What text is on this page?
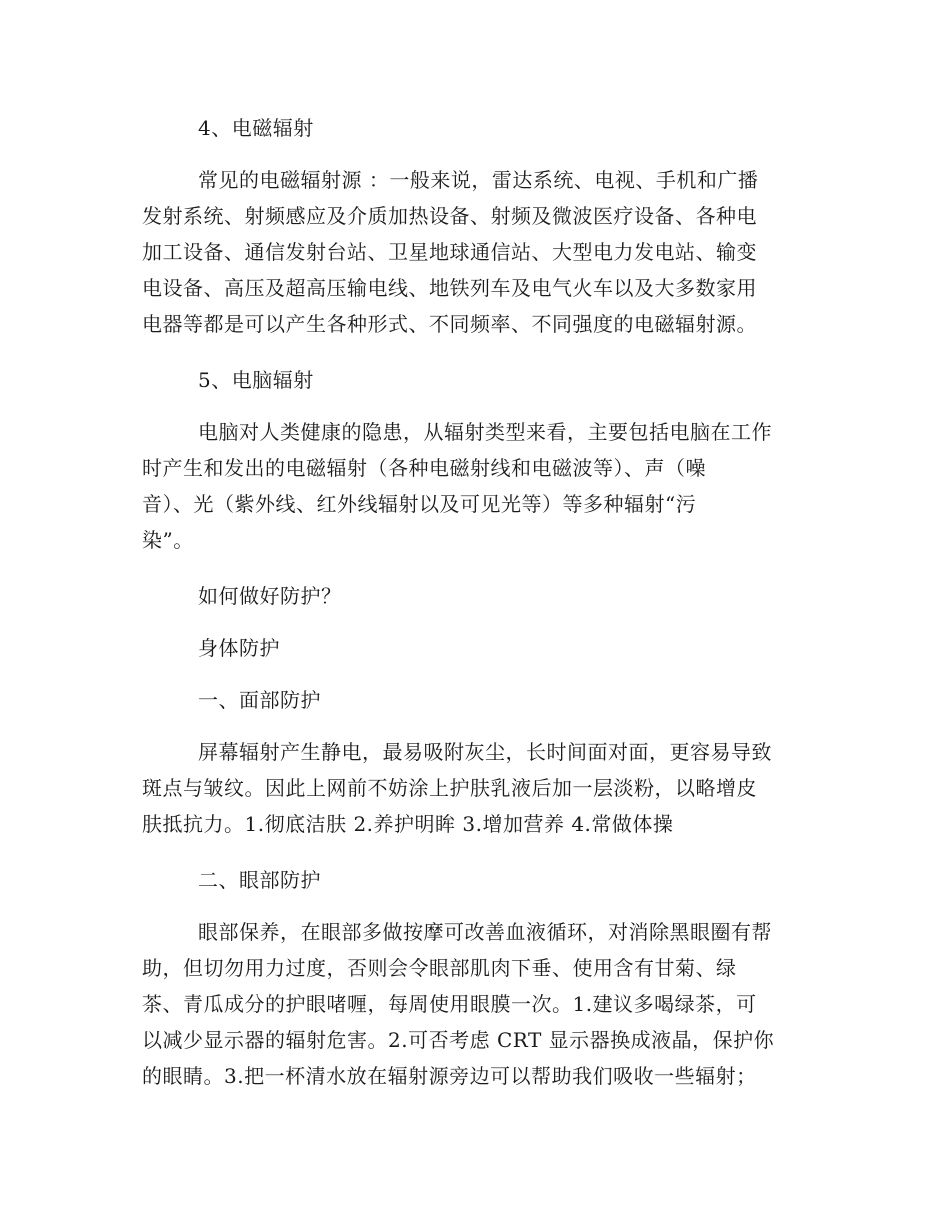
4、电磁辐射
常见的电磁辐射源 ：一般来说，雷达系统、电视、手机和广播
发射系统、射频感应及介质加热设备、射频及微波医疗设备、各种电
加工设备、通信发射台站、卫星地球通信站、大型电力发电站、输变
电设备、高压及超高压输电线、地铁列车及电气火车以及大多数家用
电器等都是可以产生各种形式、不同频率、不同强度的电磁辐射源。
5、电脑辐射
电脑对人类健康的隐患，从辐射类型来看，主要包括电脑在工作
时产生和发出的电磁辐射（各种电磁射线和电磁波等）、声（噪
音）、光（紫外线、红外线辐射以及可见光等）等多种辐射“污
染”。
如何做好防护？
身体防护
一、面部防护
屏幕辐射产生静电，最易吸附灰尘，长时间面对面，更容易导致
斑点与皱纹。因此上网前不妨涂上护肤乳液后加一层淡粉，以略增皮
肤抵抗力。1.彻底洁肤 2.养护明眸 3.增加营养 4.常做体操
二、眼部防护
眼部保养，在眼部多做按摩可改善血液循环，对消除黑眼圈有帮
助，但切勿用力过度，否则会令眼部肌肉下垂、使用含有甘菊、绿
茶、青瓜成分的护眼啫喱，每周使用眼膜一次。1.建议多喝绿茶，可
以减少显示器的辐射危害。2.可否考虑 CRT 显示器换成液晶，保护你
的眼睛。3.把一杯清水放在辐射源旁边可以帮助我们吸收一些辐射；
